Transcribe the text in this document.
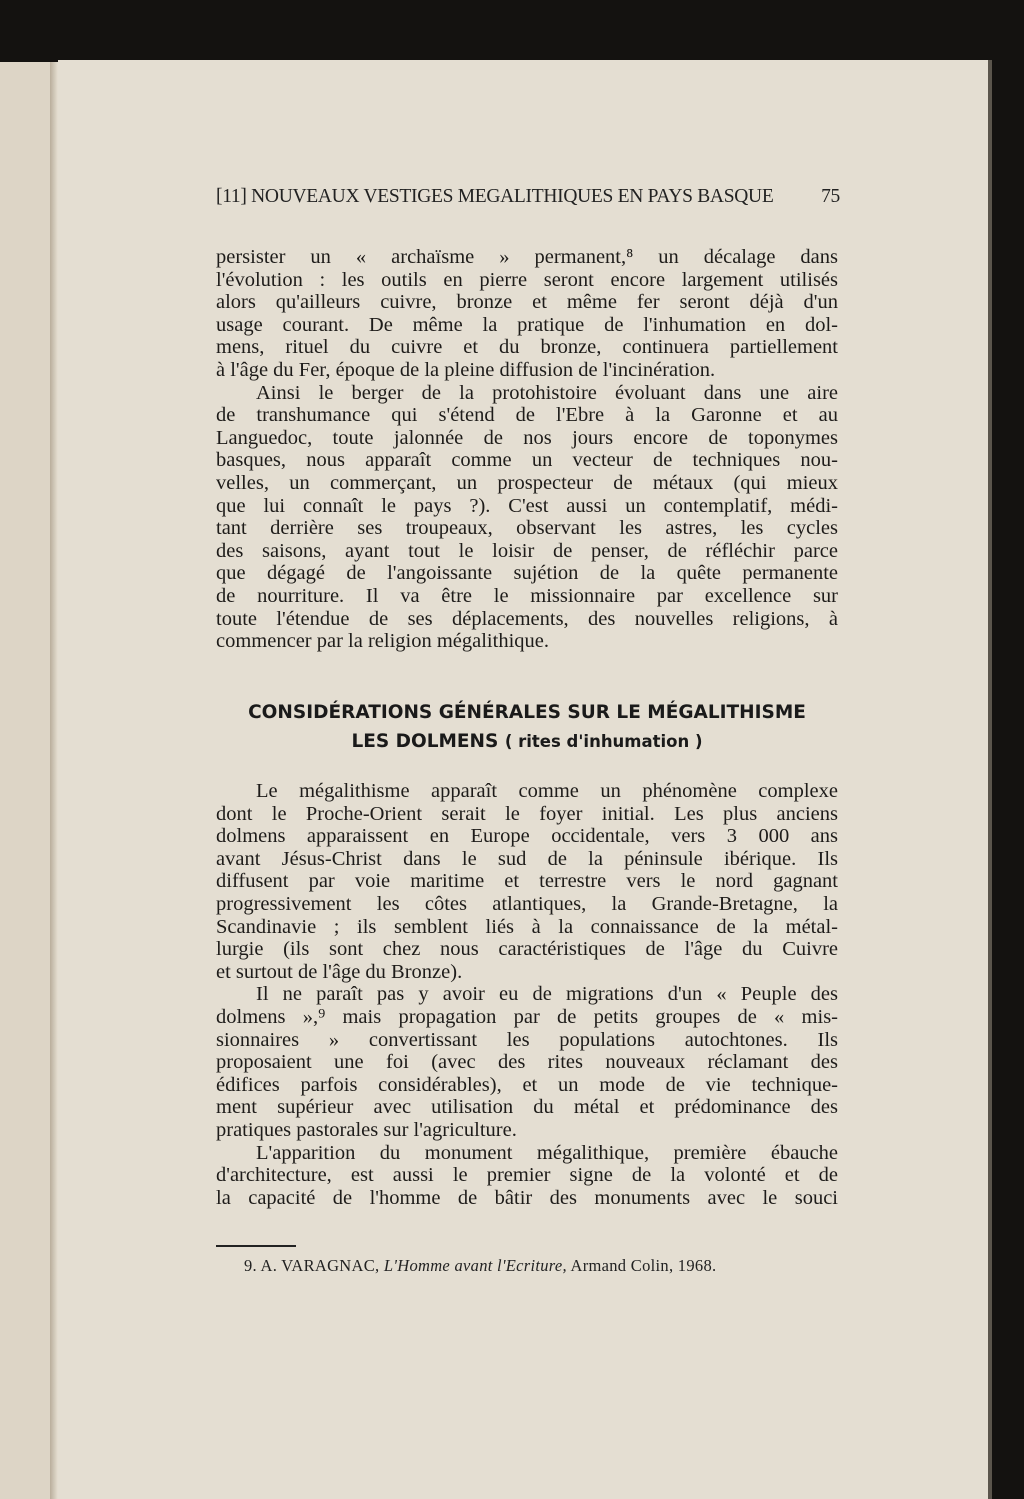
[11] NOUVEAUX VESTIGES MEGALITHIQUES EN PAYS BASQUE 75
persister un « archaïsme » permanent,⁸ un décalage dans
l'évolution : les outils en pierre seront encore largement utilisés
alors qu'ailleurs cuivre, bronze et même fer seront déjà d'un
usage courant. De même la pratique de l'inhumation en dol-
mens, rituel du cuivre et du bronze, continuera partiellement
à l'âge du Fer, époque de la pleine diffusion de l'incinération.
Ainsi le berger de la protohistoire évoluant dans une aire
de transhumance qui s'étend de l'Ebre à la Garonne et au
Languedoc, toute jalonnée de nos jours encore de toponymes
basques, nous apparaît comme un vecteur de techniques nou-
velles, un commerçant, un prospecteur de métaux (qui mieux
que lui connaît le pays ?). C'est aussi un contemplatif, médi-
tant derrière ses troupeaux, observant les astres, les cycles
des saisons, ayant tout le loisir de penser, de réfléchir parce
que dégagé de l'angoissante sujétion de la quête permanente
de nourriture. Il va être le missionnaire par excellence sur
toute l'étendue de ses déplacements, des nouvelles religions, à
commencer par la religion mégalithique.
CONSIDÉRATIONS GÉNÉRALES SUR LE MÉGALITHISME
LES DOLMENS ( rites d'inhumation )
Le mégalithisme apparaît comme un phénomène complexe
dont le Proche-Orient serait le foyer initial. Les plus anciens
dolmens apparaissent en Europe occidentale, vers 3 000 ans
avant Jésus-Christ dans le sud de la péninsule ibérique. Ils
diffusent par voie maritime et terrestre vers le nord gagnant
progressivement les côtes atlantiques, la Grande-Bretagne, la
Scandinavie ; ils semblent liés à la connaissance de la métal-
lurgie (ils sont chez nous caractéristiques de l'âge du Cuivre
et surtout de l'âge du Bronze).
Il ne paraît pas y avoir eu de migrations d'un « Peuple des
dolmens »,⁹ mais propagation par de petits groupes de « mis-
sionnaires » convertissant les populations autochtones. Ils
proposaient une foi (avec des rites nouveaux réclamant des
édifices parfois considérables), et un mode de vie technique-
ment supérieur avec utilisation du métal et prédominance des
pratiques pastorales sur l'agriculture.
L'apparition du monument mégalithique, première ébauche
d'architecture, est aussi le premier signe de la volonté et de
la capacité de l'homme de bâtir des monuments avec le souci
9. A. VARAGNAC, L'Homme avant l'Ecriture, Armand Colin, 1968.
